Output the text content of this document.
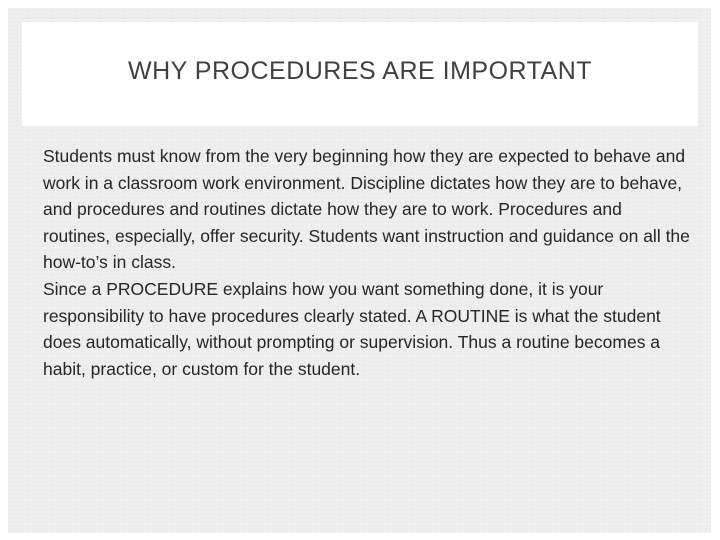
WHY PROCEDURES ARE IMPORTANT

Students must know from the very beginning how they are expected to behave and work in a classroom work environment. Discipline dictates how they are to behave, and procedures and routines dictate how they are to work. Procedures and routines, especially, offer security. Students want instruction and guidance on all the how-to’s in class.

Since a PROCEDURE explains how you want something done, it is your responsibility to have procedures clearly stated. A ROUTINE is what the student does automatically, without prompting or supervision. Thus a routine becomes a habit, practice, or custom for the student.
